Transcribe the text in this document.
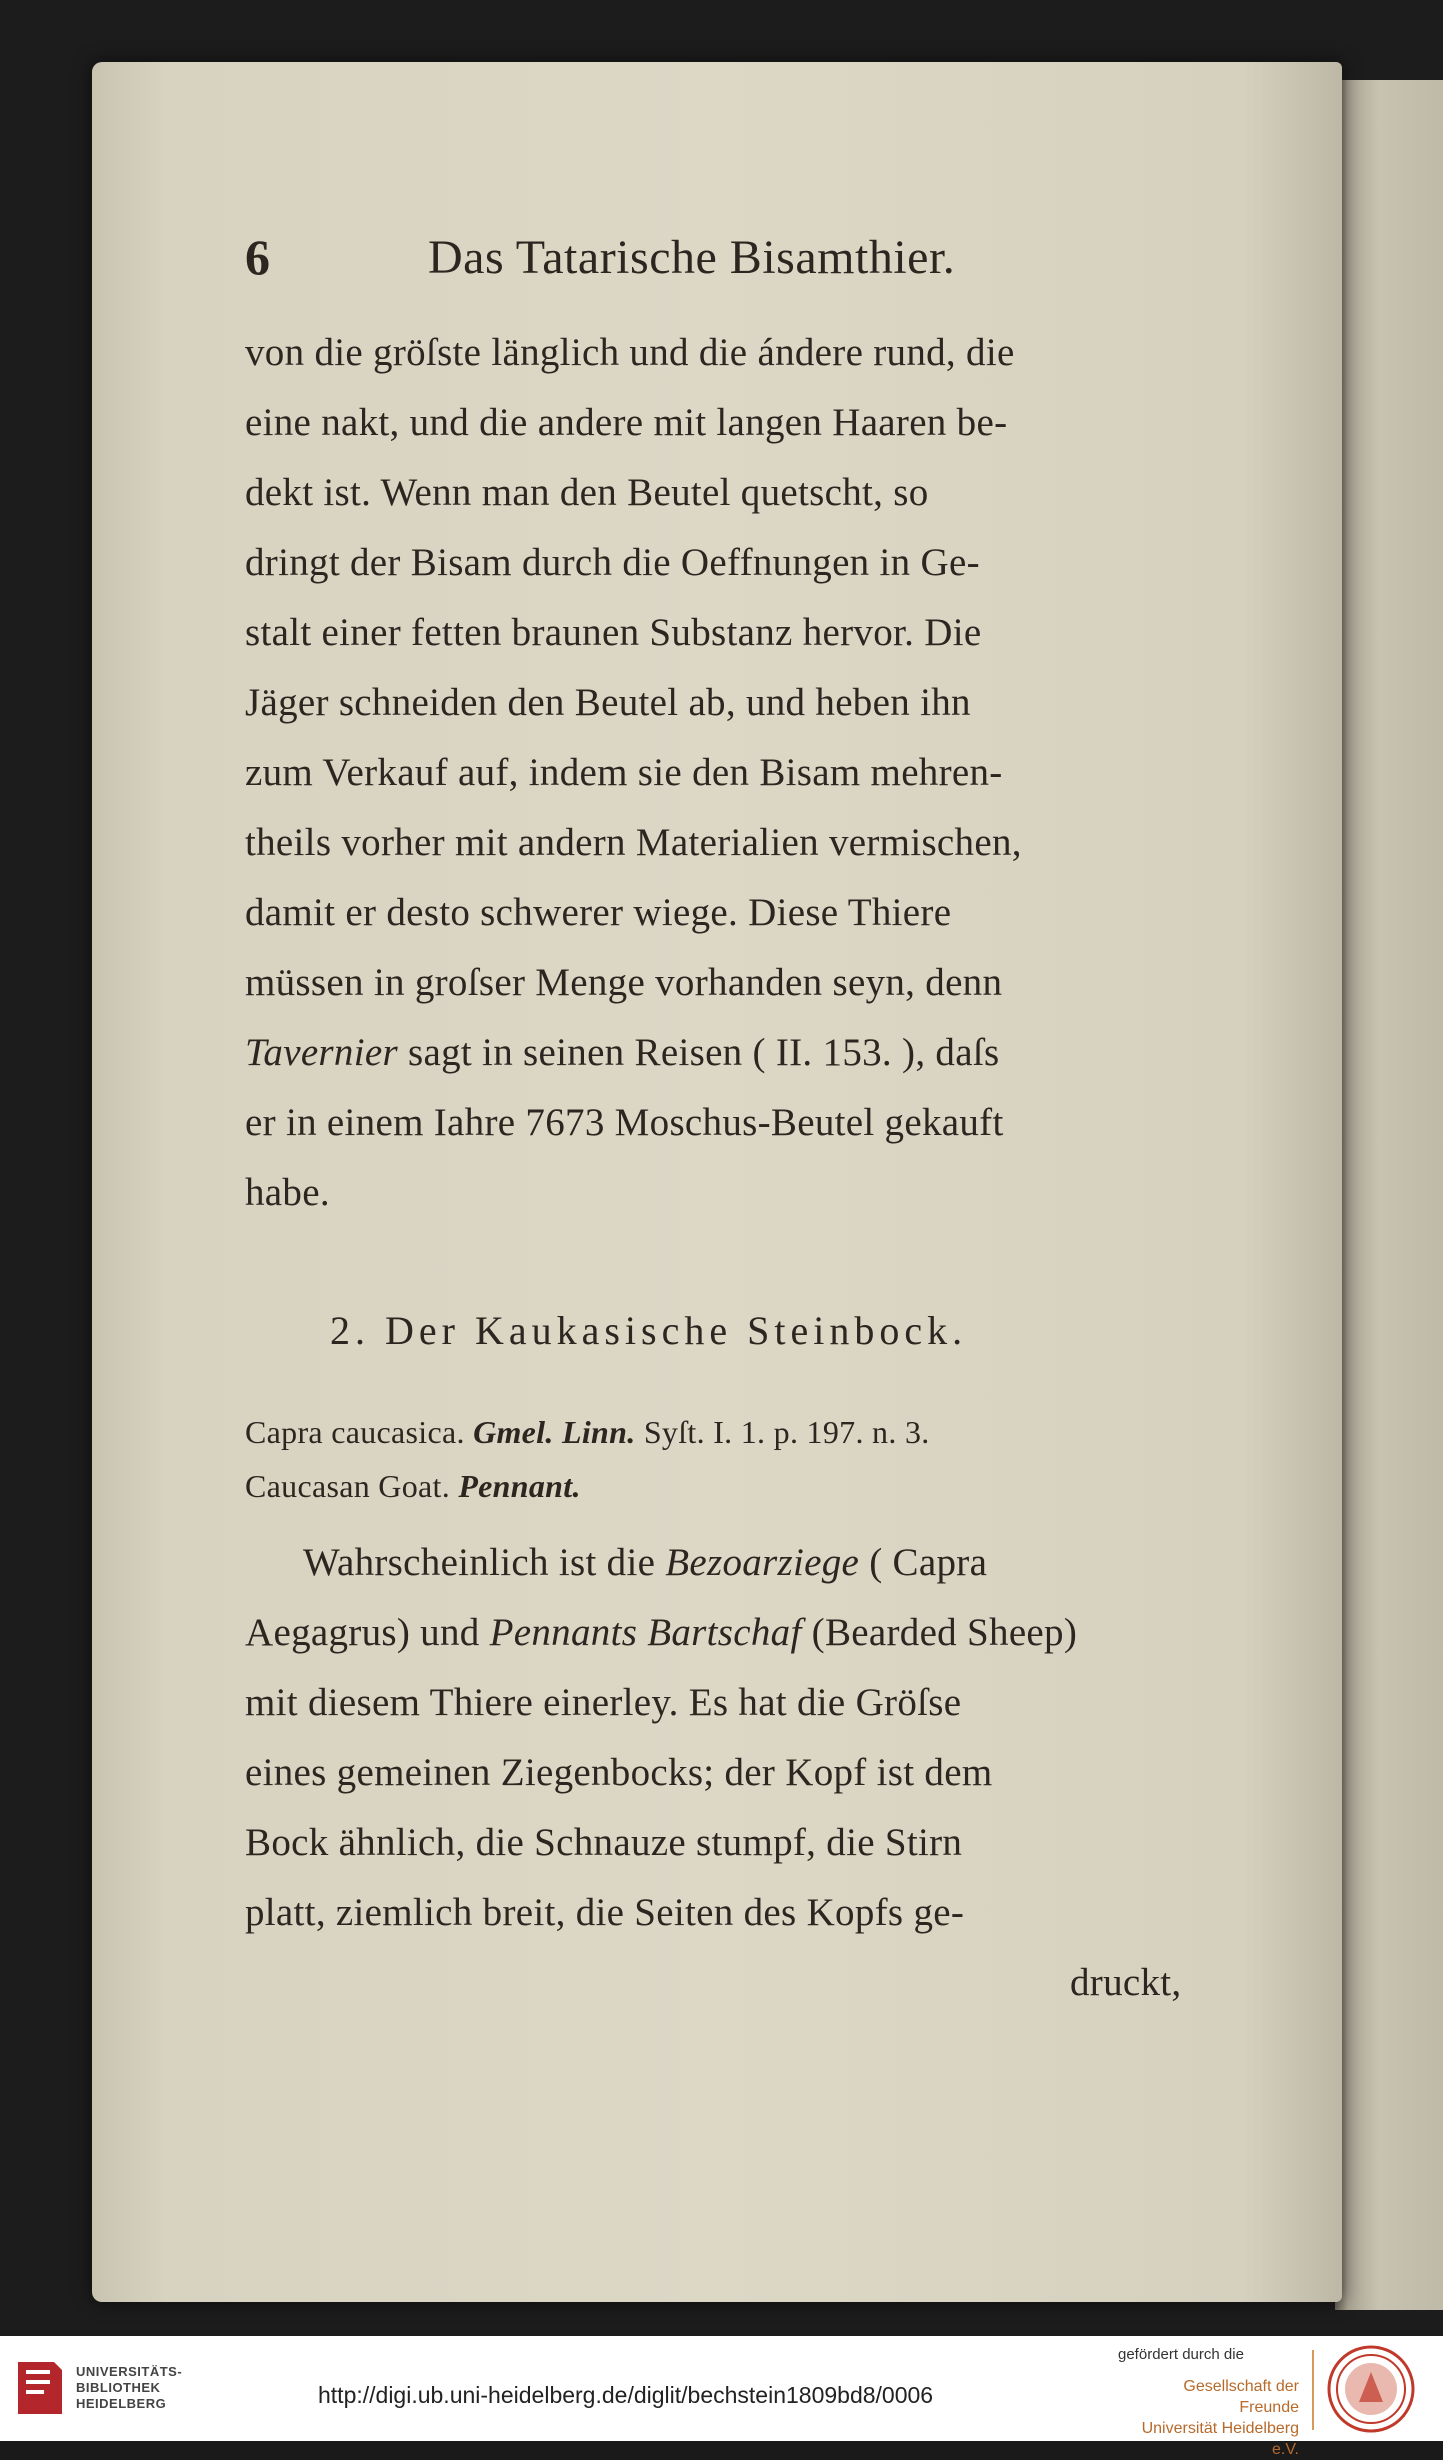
6	Das Tatarische Bisamthier.
von die gröſste länglich und die ándere rund, die
eine nakt, und die andere mit langen Haaren be-
dekt ist. Wenn man den Beutel quetscht, so
dringt der Bisam durch die Oeffnungen in Ge-
stalt einer fetten braunen Substanz hervor. Die
Jäger schneiden den Beutel ab, und heben ihn
zum Verkauf auf, indem sie den Bisam mehren-
theils vorher mit andern Materialien vermischen,
damit er desto schwerer wiege. Diese Thiere
müssen in groſser Menge vorhanden seyn, denn
Tavernier sagt in seinen Reisen ( II. 153. ), daſs
er in einem Iahre 7673 Moschus-Beutel gekauft
habe.
2. Der Kaukasische Steinbock.
Capra caucasica. Gmel. Linn. Syſt. I. 1. p. 197. n. 3.
Caucasan Goat. Pennant.
Wahrscheinlich ist die Bezoarziege ( Capra
Aegagrus) und Pennants Bartschaf (Bearded Sheep)
mit diesem Thiere einerley. Es hat die Gröſse
eines gemeinen Ziegenbocks; der Kopf ist dem
Bock ähnlich, die Schnauze stumpf, die Stirn
platt, ziemlich breit, die Seiten des Kopfs ge-
druckt,
UNIVERSITÄTS-
BIBLIOTHEK
HEIDELBERG	http://digi.ub.uni-heidelberg.de/diglit/bechstein1809bd8/0006
gefördert durch die
Gesellschaft der Freunde
Universität Heidelberg e.V.
